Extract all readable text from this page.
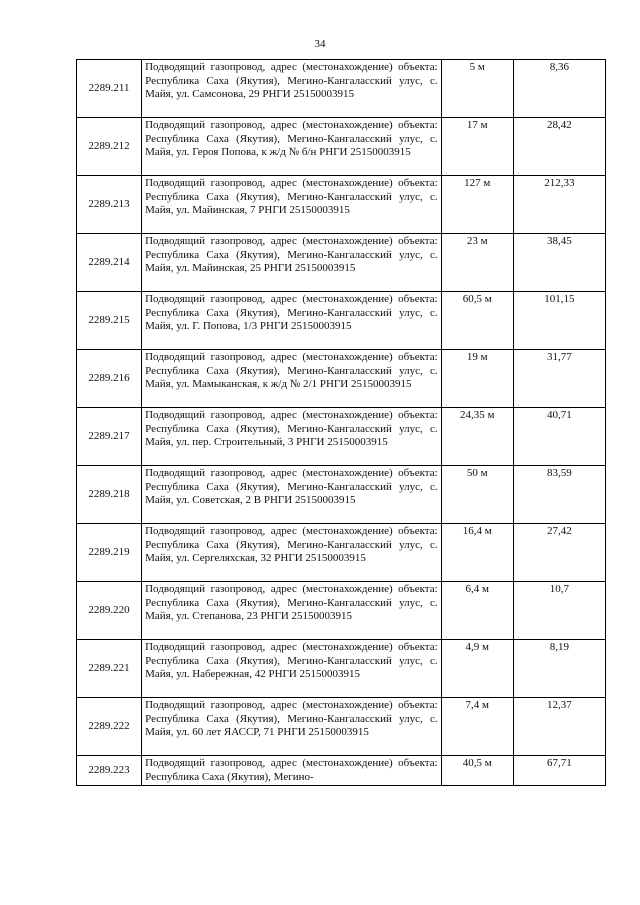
34
2289.211	Подводящий газопровод, адрес (местонахождение) объекта: Республика Саха (Якутия), Мегино-Кангаласский улус, с. Майя, ул. Самсонова, 29 РНГИ 25150003915	5 м	8,36
2289.212	Подводящий газопровод, адрес (местонахождение) объекта: Республика Саха (Якутия), Мегино-Кангаласский улус, с. Майя, ул. Героя Попова, к ж/д № б/н РНГИ 25150003915	17 м	28,42
2289.213	Подводящий газопровод, адрес (местонахождение) объекта: Республика Саха (Якутия), Мегино-Кангаласский улус, с. Майя, ул. Майинская, 7 РНГИ 25150003915	127 м	212,33
2289.214	Подводящий газопровод, адрес (местонахождение) объекта: Республика Саха (Якутия), Мегино-Кангаласский улус, с. Майя, ул. Майинская, 25 РНГИ 25150003915	23 м	38,45
2289.215	Подводящий газопровод, адрес (местонахождение) объекта: Республика Саха (Якутия), Мегино-Кангаласский улус, с. Майя, ул. Г. Попова, 1/3 РНГИ 25150003915	60,5 м	101,15
2289.216	Подводящий газопровод, адрес (местонахождение) объекта: Республика Саха (Якутия), Мегино-Кангаласский улус, с. Майя, ул. Мамыканская, к ж/д № 2/1 РНГИ 25150003915	19 м	31,77
2289.217	Подводящий газопровод, адрес (местонахождение) объекта: Республика Саха (Якутия), Мегино-Кангаласский улус, с. Майя, ул. пер. Строительный, 3 РНГИ 25150003915	24,35 м	40,71
2289.218	Подводящий газопровод, адрес (местонахождение) объекта: Республика Саха (Якутия), Мегино-Кангаласский улус, с. Майя, ул. Советская, 2 В РНГИ 25150003915	50 м	83,59
2289.219	Подводящий газопровод, адрес (местонахождение) объекта: Республика Саха (Якутия), Мегино-Кангаласский улус, с. Майя, ул. Сергеляхская, 32 РНГИ 25150003915	16,4 м	27,42
2289.220	Подводящий газопровод, адрес (местонахождение) объекта: Республика Саха (Якутия), Мегино-Кангаласский улус, с. Майя, ул. Степанова, 23 РНГИ 25150003915	6,4 м	10,7
2289.221	Подводящий газопровод, адрес (местонахождение) объекта: Республика Саха (Якутия), Мегино-Кангаласский улус, с. Майя, ул. Набережная, 42 РНГИ 25150003915	4,9 м	8,19
2289.222	Подводящий газопровод, адрес (местонахождение) объекта: Республика Саха (Якутия), Мегино-Кангаласский улус, с. Майя, ул. 60 лет ЯАССР, 71 РНГИ 25150003915	7,4 м	12,37
2289.223	Подводящий газопровод, адрес (местонахождение) объекта: Республика Саха (Якутия), Мегино-	40,5 м	67,71
